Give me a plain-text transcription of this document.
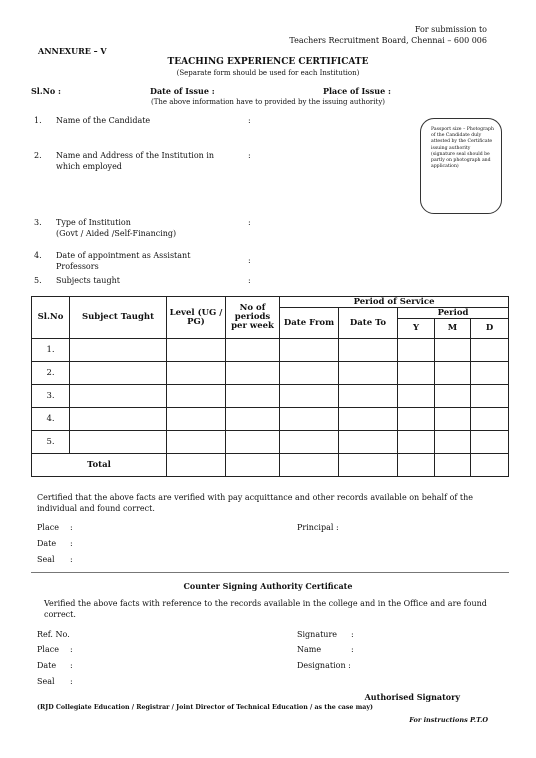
For submission to
Teachers Recruitment Board, Chennai – 600 006
ANNEXURE – V
TEACHING EXPERIENCE CERTIFICATE
(Separate form should be used for each Institution)
Sl.No :	Date of Issue :	Place of Issue :
(The above information have to provided by the issuing authority)
1. Name of the Candidate	:
2. Name and Address of the Institution in
which employed
:
3. Type of Institution
(Govt / Aided /Self-Financing)
:
4. Date of appointment as Assistant
Professors
:
5. Subjects taught	:
Passport size – Photograph of the Candidate duly attested by the Certificate issuing authority (signature seal should be partly on photograph and application)
Sl.No	Subject Taught	Level (UG / PG)	No of periods per week	Period of Service				
				Date From	Date To	Period		
						Y	M	D
1.								
2.								
3.								
4.								
5.								
Total								
Certified that the above facts are verified with pay acquittance and other records available on behalf of the individual and found correct.
Place :	Principal :
Date :
Seal :
Counter Signing Authority Certificate
Verified the above facts with reference to the records available in the college and in the Office and are found correct.
Ref. No.	Signature :
Place :	Name	:
Date :	Designation :
Seal :
Authorised Signatory
(RJD Collegiate Education / Registrar / Joint Director of Technical Education / as the case may)
For instructions P.T.O
